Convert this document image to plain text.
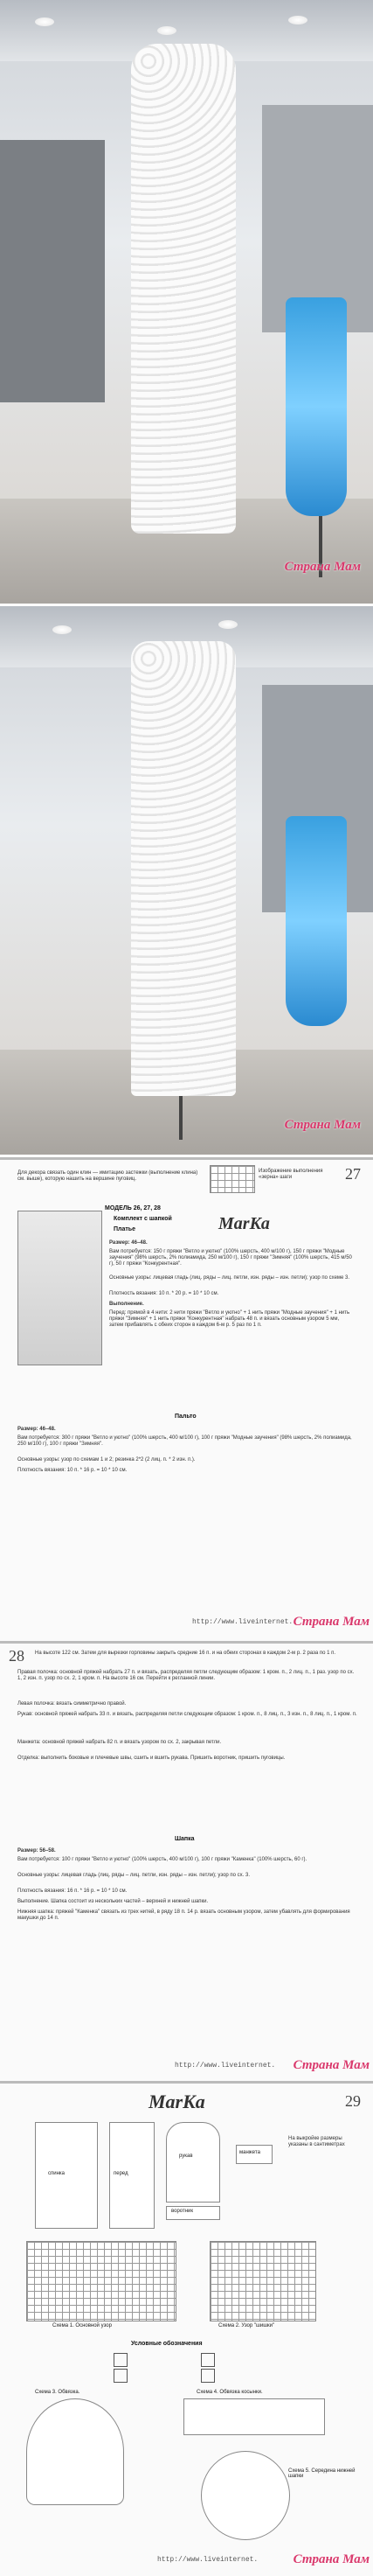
Страна Мам
Страна Мам
Для декора связать один клин — имитацию застежки (выполнение клина) см. выше), которую нашить на вершине пуговиц.
Изображение выполнения «зерна» шаги	27
МОДЕЛЬ 26, 27, 28
MarKa
Комплект с шапкой
Платье
Размер: 46–48.
Вам потребуется: 150 г пряжи "Ветло и уютно" (100% шерсть, 400 м/100 г), 150 г пряжи "Модные заучения" (98% шерсть, 2% полиамида, 250 м/100 г), 150 г пряжи "Зимняя" (100% шерсть, 415 м/50 г), 50 г пряжи "Конкурентная".
Основные узоры: лицевая гладь (лиц. ряды – лиц. петли, изн. ряды – изн. петли); узор по схеме 3.
Плотность вязания: 10 п. * 20 р. = 10 * 10 см.
Выполнение.
Перед: прямой в 4 нити: 2 нити пряжи "Ветло и уютно" + 1 нить пряжи "Модные заучения" + 1 нить пряжи "Зимняя" + 1 нить пряжи "Конкурентная" набрать 48 п. и вязать основным узором 5 мм, затем прибавлять с обеих сторон в каждом 6-м р. 5 раз по 1 п.
Пальто
Размер: 46–48.
Вам потребуется: 300 г пряжи "Ветло и уютно" (100% шерсть, 400 м/100 г), 100 г пряжи "Модные заучения" (98% шерсть, 2% полиамида, 250 м/100 г), 100 г пряжи "Зимняя".
Основные узоры: узор по схемам 1 и 2; резинка 2*2 (2 лиц. п. * 2 изн. п.).
Плотность вязания: 10 п. * 16 р. = 10 * 10 см.
http://www.liveinternet. Страна Мам
28 На высоте 122 см. Затем для вырезки горловины закрыть средние 16 п. и на обеих сторонах в каждом 2-м р. 2 раза по 1 п.
Правая полочка: основной пряжей набрать 27 п. и вязать, распределяя петли следующим образом: 1 кром. п., 2 лиц. п., 1 раз. узор по сх. 1, 2 изн. п. узор по сх. 2, 1 кром. п. На высоте 16 см. Перейти к регланной линии.
Левая полочка: вязать симметрично правой.
Рукав: основной пряжей набрать 33 п. и вязать, распределяя петли следующим образом: 1 кром. п., 8 лиц. п., 3 изн. п., 8 лиц. п., 1 кром. п.
Манжета: основной пряжей набрать 82 п. и вязать узором по сх. 2, закрывая петли.
Отделка: выполнить боковые и плечевые швы, сшить и вшить рукава. Пришить воротник, пришить пуговицы.
Шапка
Размер: 56–58.
Вам потребуется: 100 г пряжи "Ветло и уютно" (100% шерсть, 400 м/100 г), 100 г пряжи "Каменка" (100% шерсть, 60 г).
Основные узоры: лицевая гладь (лиц. ряды – лиц. петли, изн. ряды – изн. петли); узор по сх. 3.
Плотность вязания: 16 п. * 16 р. = 10 * 10 см.
Выполнение. Шапка состоит из нескольких частей – верхней и нижней шапки.
Нижняя шапка: пряжей "Каменка" связать из трех нитей, в ряду 18 п. 14 р. вязать основным узором, затем убавлять для формирования макушки до 14 п.
http://www.liveinternet. Страна Мам
MarKa	29
спинка	перед
рукав
воротник
манжета
На выкройке размеры указаны в сантиметрах
Схема 1. Основной узор	Схема 2. Узор "шишки"
Условные обозначения
Схема 3. Обвязка.	Схема 4. Обвязка косынки.
Схема 5. Середина нижней шапки
http://www.liveinternet.	Страна Мам
